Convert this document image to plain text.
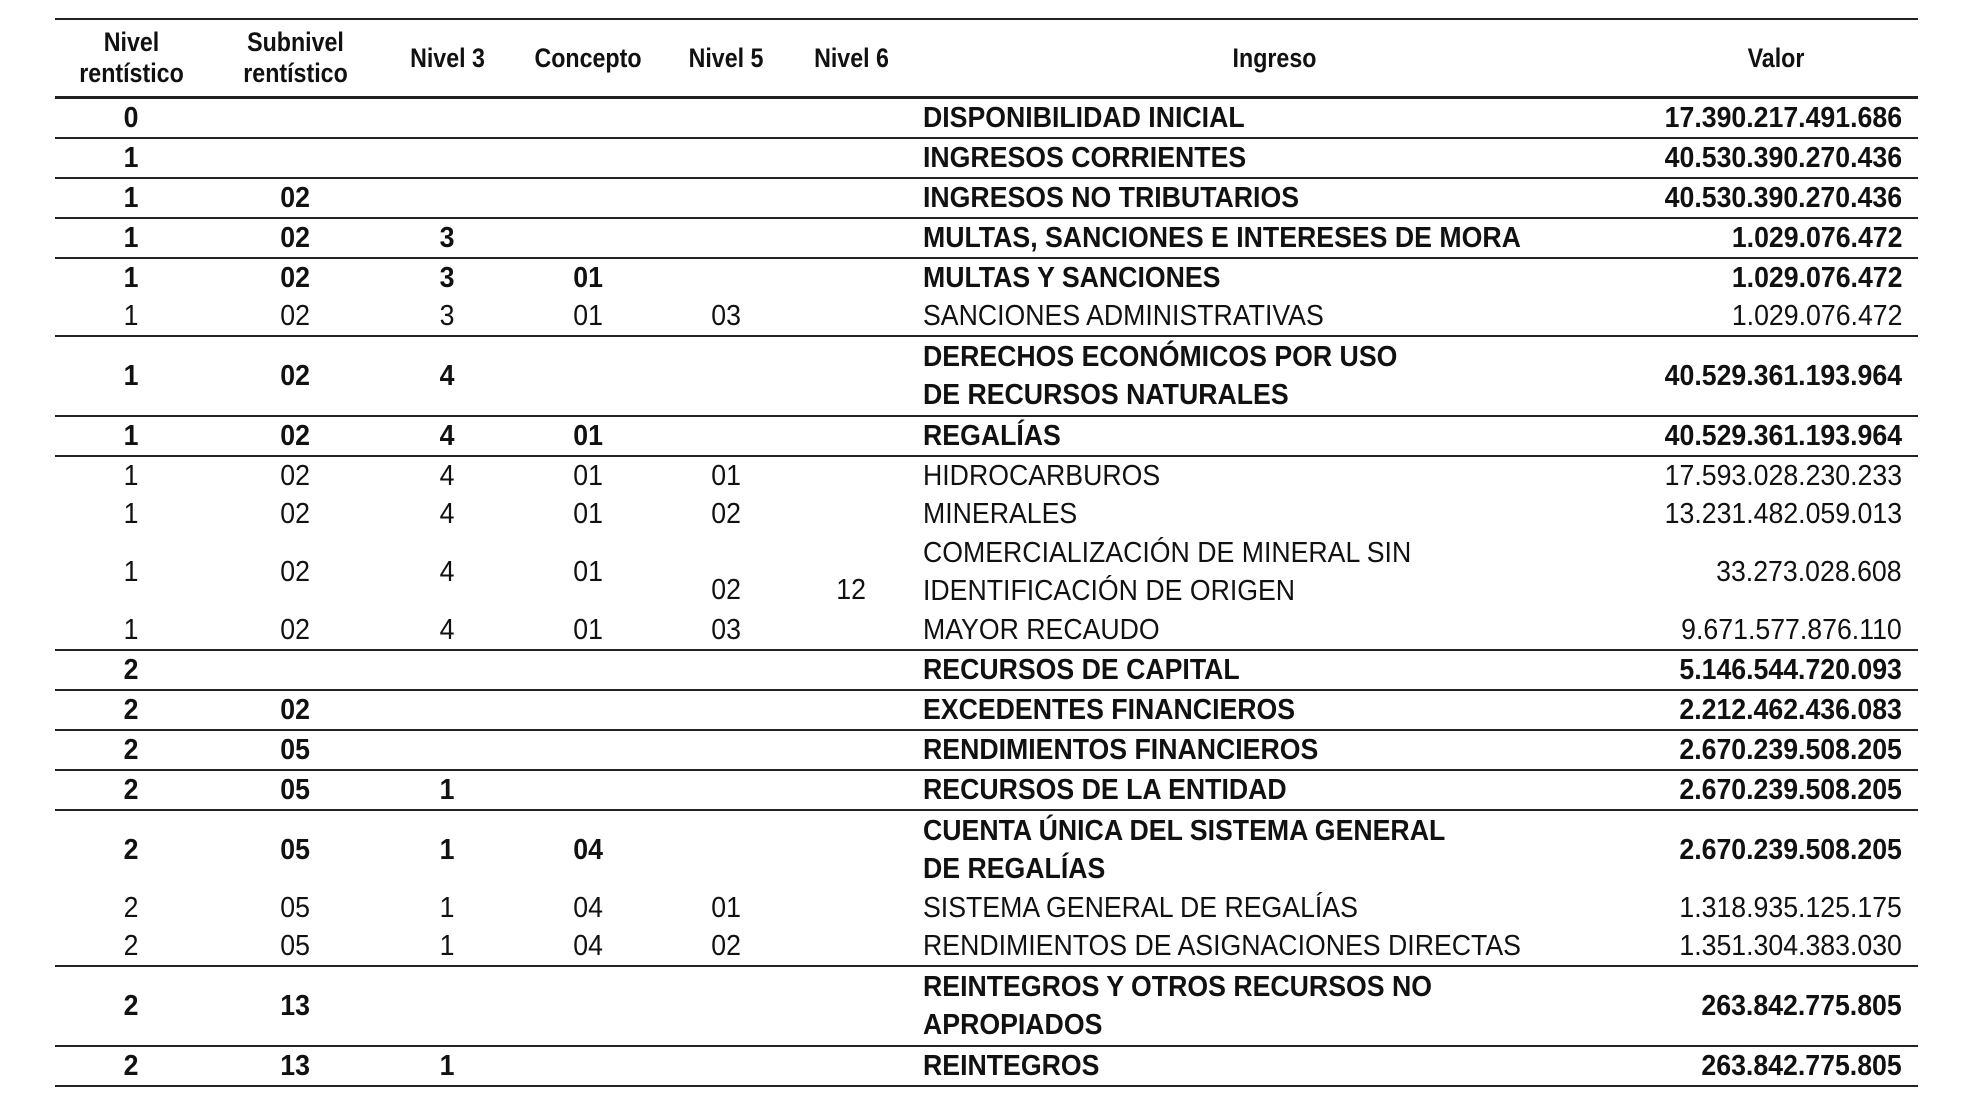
Nivel rentístico	Subnivel rentístico	Nivel 3	Concepto	Nivel 5	Nivel 6	Ingreso	Valor
0						DISPONIBILIDAD INICIAL	17.390.217.491.686
1						INGRESOS CORRIENTES	40.530.390.270.436
1	02					INGRESOS NO TRIBUTARIOS	40.530.390.270.436
1	02	3				MULTAS, SANCIONES E INTERESES DE MORA	1.029.076.472
1	02	3	01			MULTAS Y SANCIONES	1.029.076.472
1	02	3	01	03		SANCIONES ADMINISTRATIVAS	1.029.076.472
1	02	4				DERECHOS ECONÓMICOS POR USO DE RECURSOS NATURALES	40.529.361.193.964
1	02	4	01			REGALÍAS	40.529.361.193.964
1	02	4	01	01		HIDROCARBUROS	17.593.028.230.233
1	02	4	01	02		MINERALES	13.231.482.059.013
1	02	4	01	02	12	COMERCIALIZACIÓN DE MINERAL SIN IDENTIFICACIÓN DE ORIGEN	33.273.028.608
1	02	4	01	03		MAYOR RECAUDO	9.671.577.876.110
2						RECURSOS DE CAPITAL	5.146.544.720.093
2	02					EXCEDENTES FINANCIEROS	2.212.462.436.083
2	05					RENDIMIENTOS FINANCIEROS	2.670.239.508.205
2	05	1				RECURSOS DE LA ENTIDAD	2.670.239.508.205
2	05	1	04			CUENTA ÚNICA DEL SISTEMA GENERAL DE REGALÍAS	2.670.239.508.205
2	05	1	04	01		SISTEMA GENERAL DE REGALÍAS	1.318.935.125.175
2	05	1	04	02		RENDIMIENTOS DE ASIGNACIONES DIRECTAS	1.351.304.383.030
2	13					REINTEGROS Y OTROS RECURSOS NO APROPIADOS	263.842.775.805
2	13	1				REINTEGROS	263.842.775.805
